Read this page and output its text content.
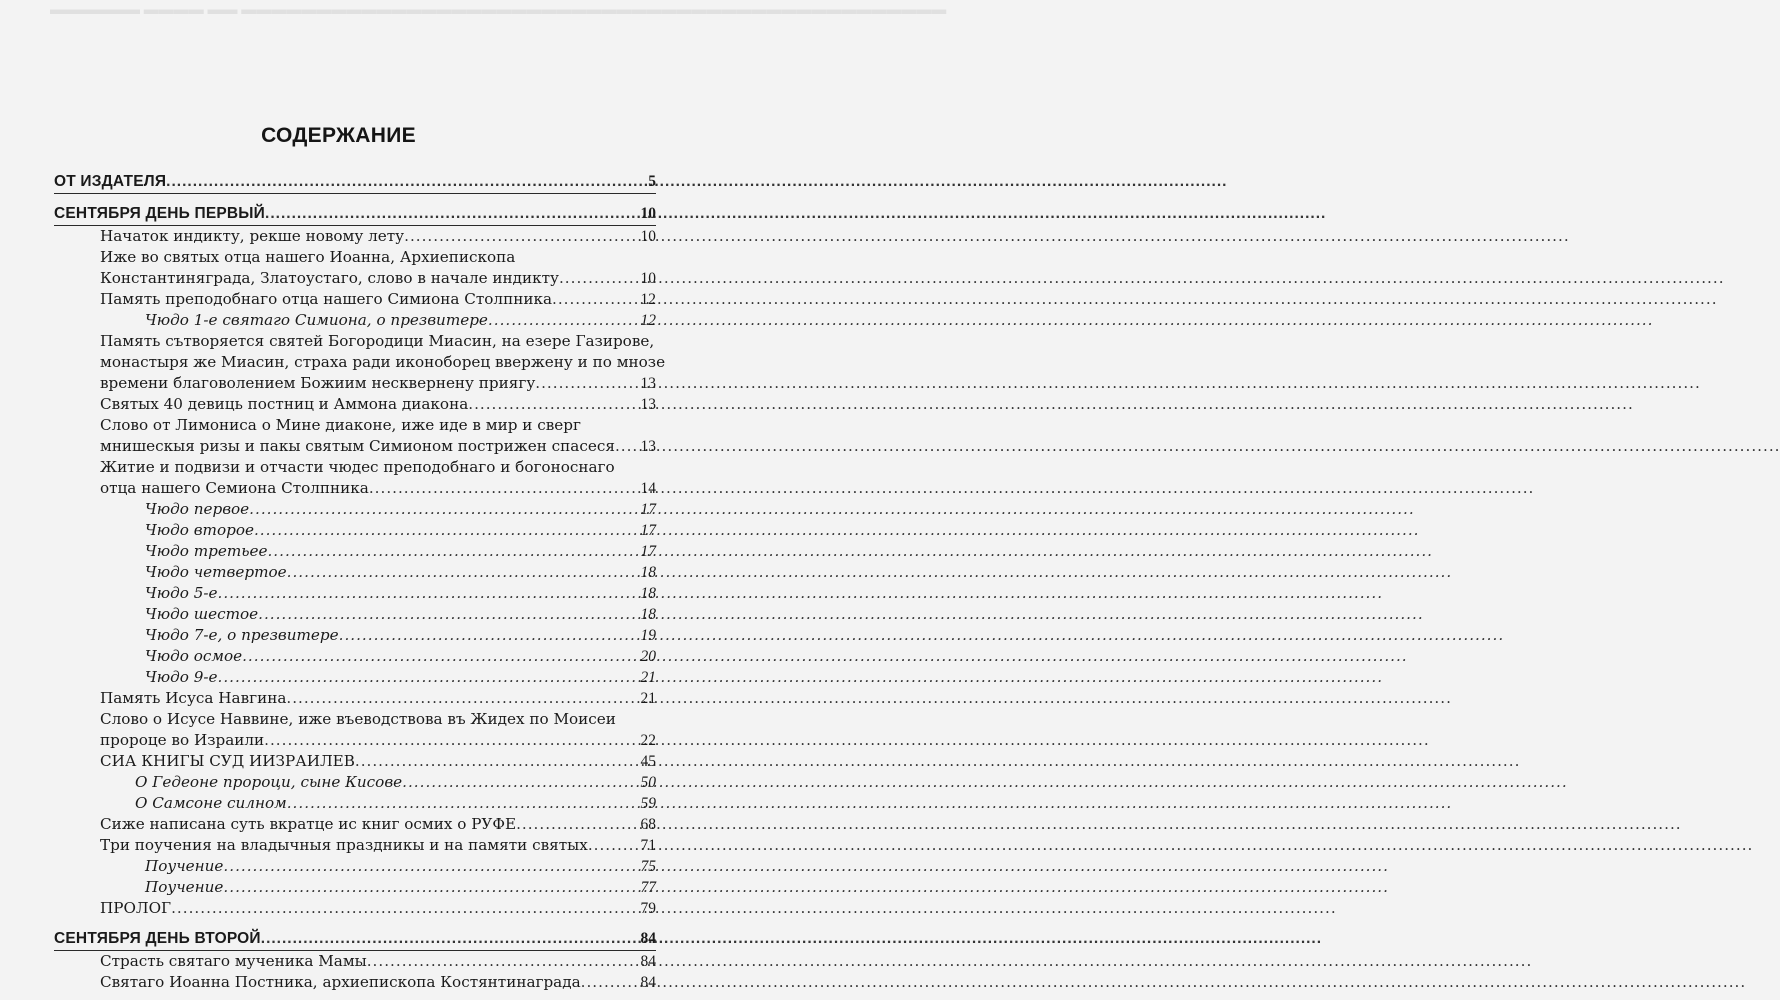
▬▬▬▬▬▬ ▬▬▬▬ ▬▬ ▬▬▬▬▬▬▬▬▬▬▬▬▬▬▬▬▬▬▬▬▬▬▬▬▬▬▬▬▬▬▬▬▬▬▬▬▬▬▬▬▬▬▬▬▬▬▬
СОДЕРЖАНИЕ
ОТ ИЗДАТЕЛЯ .....	5
СЕНТЯБРЯ ДЕНЬ ПЕРВЫЙ .....	10
Начаток индикту, рекше новому лету .....	10
Иже во святых отца нашего Иоанна, Архиепископа
Константиняграда, Златоустаго, слово в начале индикту .....	10
Память преподобнаго отца нашего Симиона Столпника .....	12
Чюдо 1-е святаго Симиона, о презвитере .....	12
Память сътворяется святей Богородици Миасин, на езере Газирове,
монастыря же Миасин, страха ради иконоборец ввержену и по мнозе
времени благоволением Божиим несквернену приягу .....	13
Святых 40 девиць постниц и Аммона диакона .....	13
Слово от Лимониса о Мине диаконе, иже иде в мир и сверг
мнишескыя ризы и пакы святым Симионом пострижен спасеся ..... 13
Житие и подвизи и отчасти чюдес преподобнаго и богоноснаго
отца нашего Семиона Столпника .....	14
Чюдо первое .....	17
Чюдо второе .....	17
Чюдо третьее .....	17
Чюдо четвертое .....	18
Чюдо 5-е .....	18
Чюдо шестое .....	18
Чюдо 7-е, о презвитере .....	19
Чюдо осмое .....	20
Чюдо 9-е .....	21
Память Исуса Навгина .....	21
Слово о Исусе Наввине, иже въеводствова въ Жидех по Моисеи
пророце во Израили .....	22
СИА КНИГЫ СУД ИИЗРАИЛЕВ .....	45
О Гедеоне пророци, сыне Кисове .....	50
О Самсоне силном .....	59
Сиже написана суть вкратце ис книг осмих о РУФЕ .....	68
Три поучения на владычныя праздникы и на памяти святых .....	71
Поучение .....	75
Поучение .....	77
ПРОЛОГ .....	79
СЕНТЯБРЯ ДЕНЬ ВТОРОЙ .....	84
Страсть святаго мученика Мамы .....	84
Святаго Иоанна Постника, архиепископа Костянтинаграда .....	84
